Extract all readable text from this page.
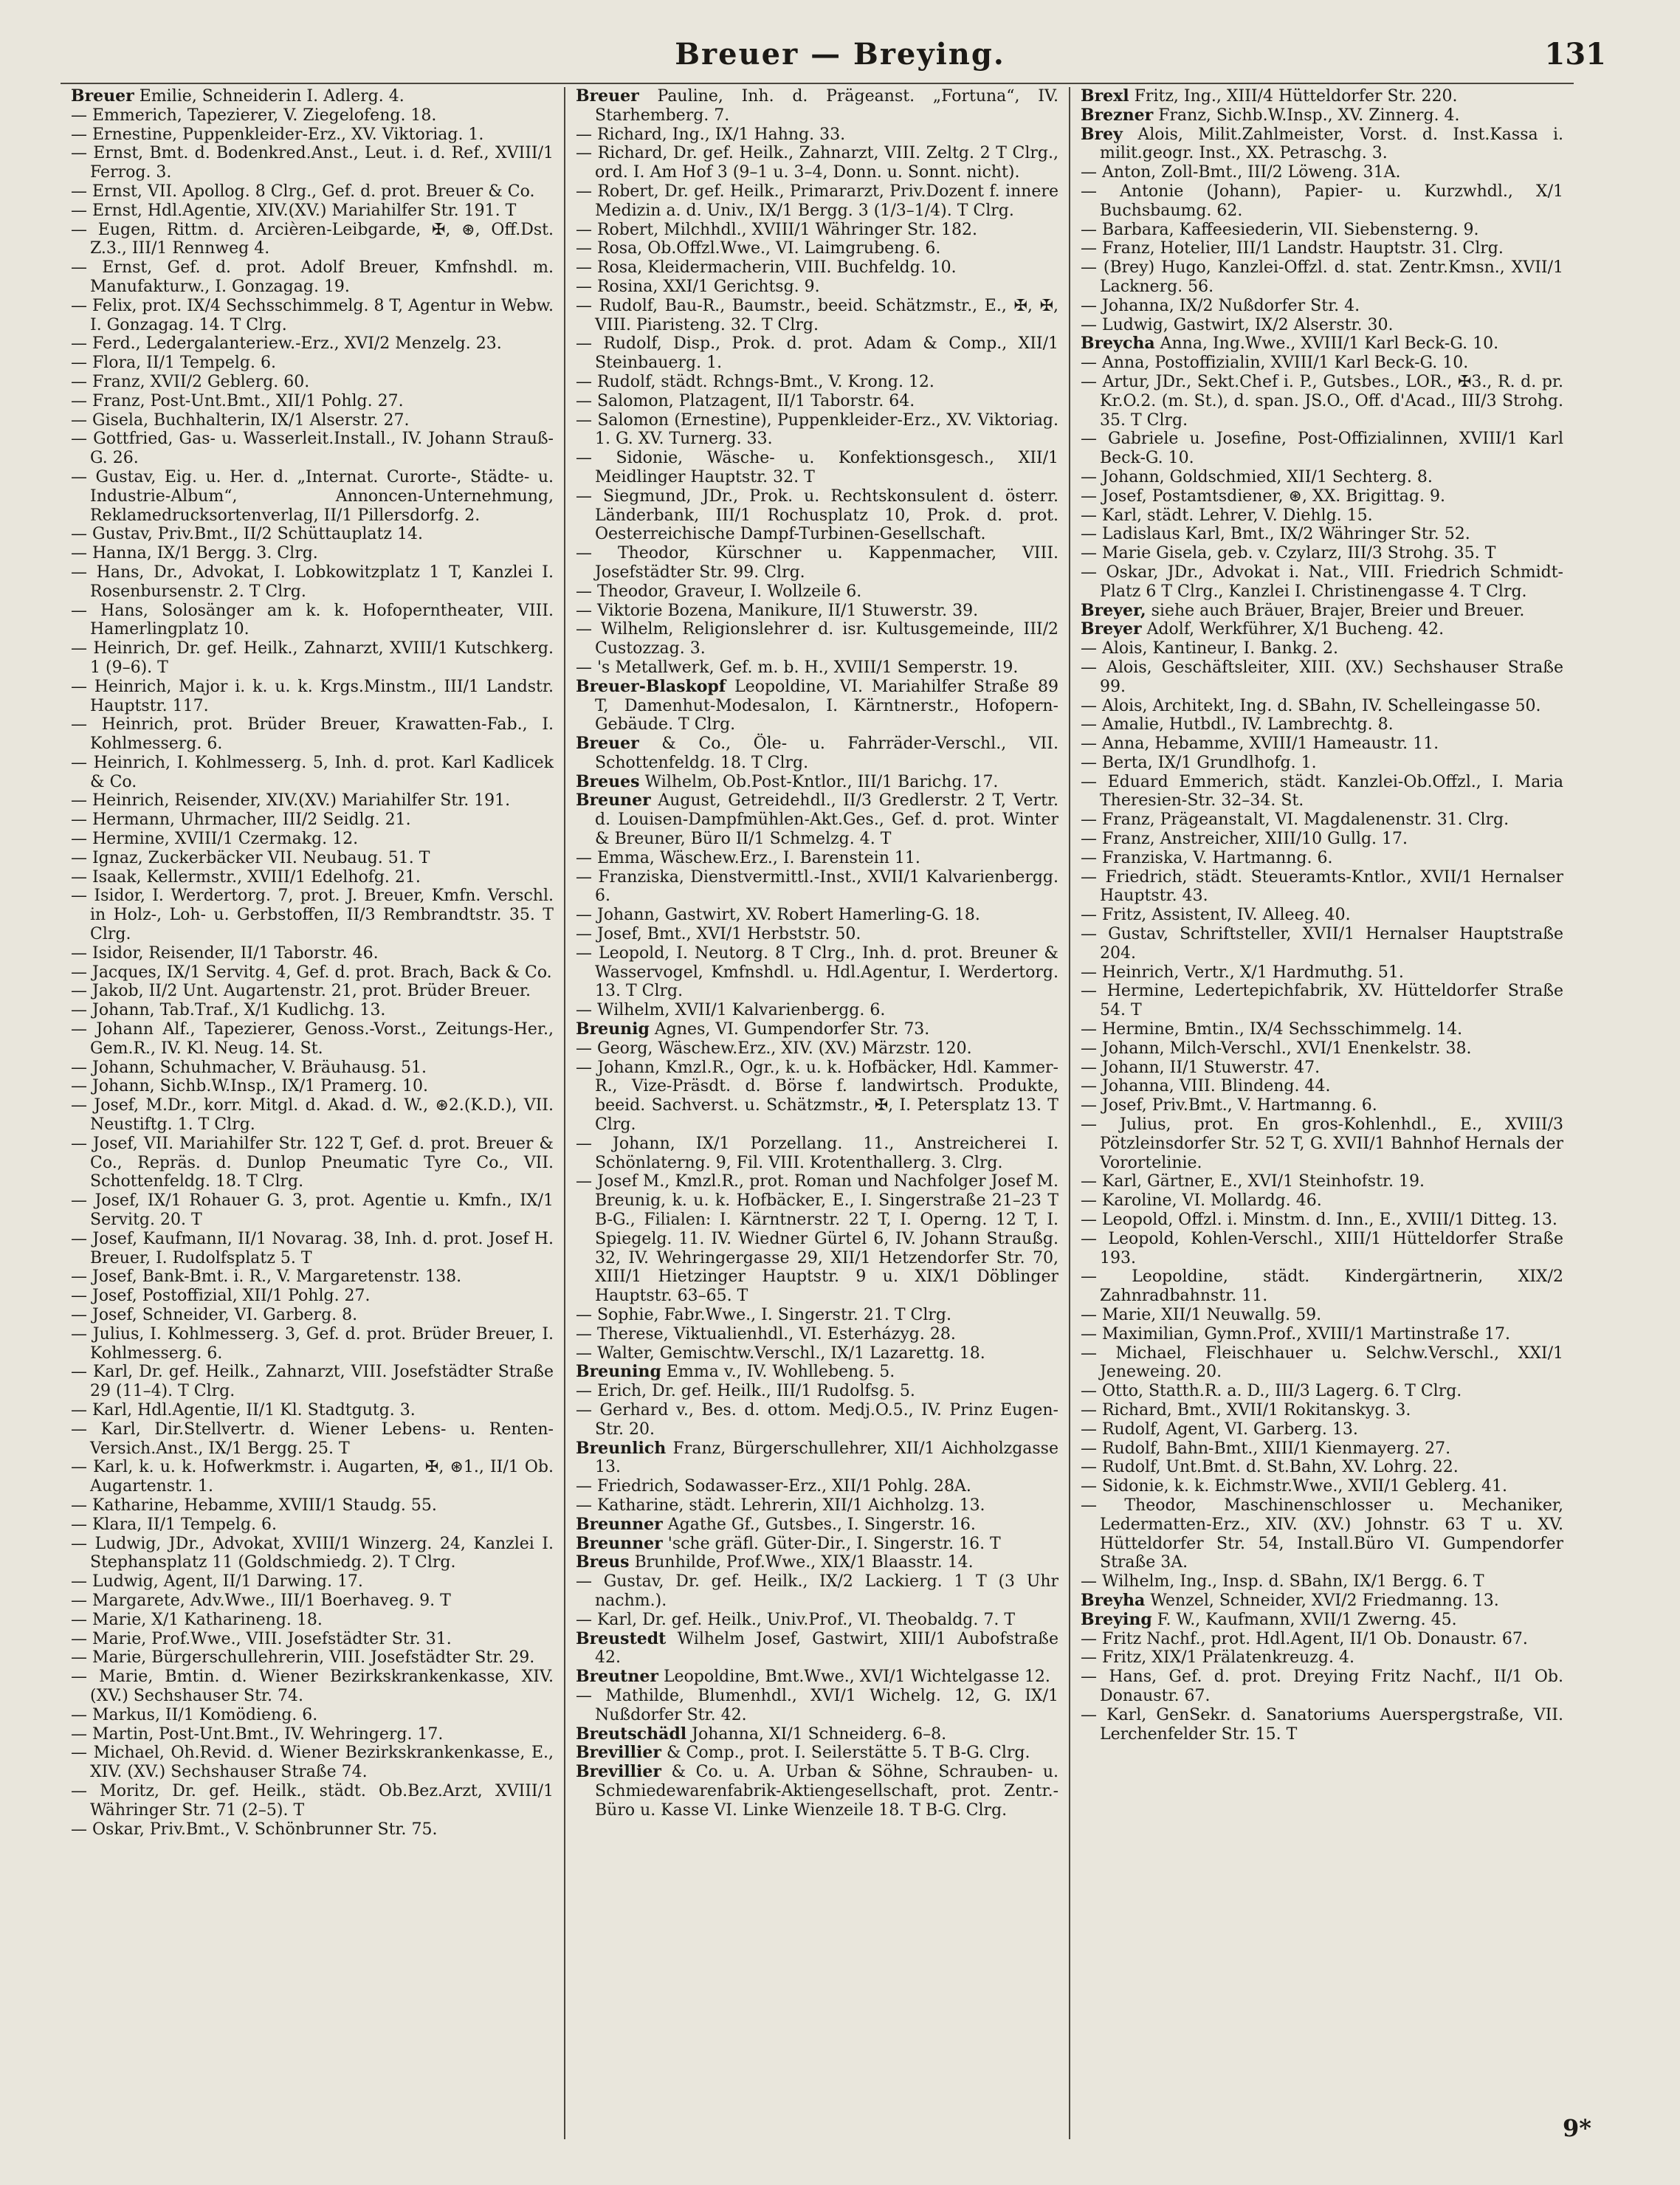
Breuer — Breying.	131

Breuer Emilie, Schneiderin I. Adlerg. 4.

— Emmerich, Tapezierer, V. Ziegelofeng. 18.

— Ernestine, Puppenkleider-Erz., XV. Viktoriag. 1.

— Ernst, Bmt. d. Bodenkred.Anst., Leut. i. d. Ref., XVIII/1 Ferrog. 3.

— Ernst, VII. Apollog. 8 Clrg., Gef. d. prot. Breuer & Co.

— Ernst, Hdl.Agentie, XIV.(XV.) Mariahilfer Str. 191. T

— Eugen, Rittm. d. Arcièren-Leibgarde, ✠, ⊛, Off.Dst. Z.3., III/1 Rennweg 4.

— Ernst, Gef. d. prot. Adolf Breuer, Kmfnshdl. m. Manufakturw., I. Gonzagag. 19.

— Felix, prot. IX/4 Sechsschimmelg. 8 T, Agentur in Webw. I. Gonzagag. 14. T Clrg.

— Ferd., Ledergalanteriew.-Erz., XVI/2 Menzelg. 23.

— Flora, II/1 Tempelg. 6.

— Franz, XVII/2 Geblerg. 60.

— Franz, Post-Unt.Bmt., XII/1 Pohlg. 27.

— Gisela, Buchhalterin, IX/1 Alserstr. 27.

— Gottfried, Gas- u. Wasserleit.Install., IV. Johann Strauß-G. 26.

— Gustav, Eig. u. Her. d. „Internat. Curorte-, Städte- u. Industrie-Album“, Annoncen-Unternehmung, Reklamedrucksortenverlag, II/1 Pillersdorfg. 2.

— Gustav, Priv.Bmt., II/2 Schüttauplatz 14.

— Hanna, IX/1 Bergg. 3. Clrg.

— Hans, Dr., Advokat, I. Lobkowitzplatz 1 T, Kanzlei I. Rosenbursenstr. 2. T Clrg.

— Hans, Solosänger am k. k. Hofoperntheater, VIII. Hamerlingplatz 10.

— Heinrich, Dr. gef. Heilk., Zahnarzt, XVIII/1 Kutschkerg. 1 (9–6). T

— Heinrich, Major i. k. u. k. Krgs.Minstm., III/1 Landstr. Hauptstr. 117.

— Heinrich, prot. Brüder Breuer, Krawatten-Fab., I. Kohlmesserg. 6.

— Heinrich, I. Kohlmesserg. 5, Inh. d. prot. Karl Kadlicek & Co.

— Heinrich, Reisender, XIV.(XV.) Mariahilfer Str. 191.

— Hermann, Uhrmacher, III/2 Seidlg. 21.

— Hermine, XVIII/1 Czermakg. 12.

— Ignaz, Zuckerbäcker VII. Neubaug. 51. T

— Isaak, Kellermstr., XVIII/1 Edelhofg. 21.

— Isidor, I. Werdertorg. 7, prot. J. Breuer, Kmfn. Verschl. in Holz-, Loh- u. Gerbstoffen, II/3 Rembrandtstr. 35. T Clrg.

— Isidor, Reisender, II/1 Taborstr. 46.

— Jacques, IX/1 Servitg. 4, Gef. d. prot. Brach, Back & Co.

— Jakob, II/2 Unt. Augartenstr. 21, prot. Brüder Breuer.

— Johann, Tab.Traf., X/1 Kudlichg. 13.

— Johann Alf., Tapezierer, Genoss.-Vorst., Zeitungs-Her., Gem.R., IV. Kl. Neug. 14. St.

— Johann, Schuhmacher, V. Bräuhausg. 51.

— Johann, Sichb.W.Insp., IX/1 Pramerg. 10.

— Josef, M.Dr., korr. Mitgl. d. Akad. d. W., ⊛2.(K.D.), VII. Neustiftg. 1. T Clrg.

— Josef, VII. Mariahilfer Str. 122 T, Gef. d. prot. Breuer & Co., Repräs. d. Dunlop Pneumatic Tyre Co., VII. Schottenfeldg. 18. T Clrg.

— Josef, IX/1 Rohauer G. 3, prot. Agentie u. Kmfn., IX/1 Servitg. 20. T

— Josef, Kaufmann, II/1 Novarag. 38, Inh. d. prot. Josef H. Breuer, I. Rudolfsplatz 5. T

— Josef, Bank-Bmt. i. R., V. Margaretenstr. 138.

— Josef, Postoffizial, XII/1 Pohlg. 27.

— Josef, Schneider, VI. Garberg. 8.

— Julius, I. Kohlmesserg. 3, Gef. d. prot. Brüder Breuer, I. Kohlmesserg. 6.

— Karl, Dr. gef. Heilk., Zahnarzt, VIII. Josefstädter Straße 29 (11–4). T Clrg.

— Karl, Hdl.Agentie, II/1 Kl. Stadtgutg. 3.

— Karl, Dir.Stellvertr. d. Wiener Lebens- u. Renten-Versich.Anst., IX/1 Bergg. 25. T

— Karl, k. u. k. Hofwerkmstr. i. Augarten, ✠, ⊛1., II/1 Ob. Augartenstr. 1.

— Katharine, Hebamme, XVIII/1 Staudg. 55.

— Klara, II/1 Tempelg. 6.

— Ludwig, JDr., Advokat, XVIII/1 Winzerg. 24, Kanzlei I. Stephansplatz 11 (Goldschmiedg. 2). T Clrg.

— Ludwig, Agent, II/1 Darwing. 17.

— Margarete, Adv.Wwe., III/1 Boerhaveg. 9. T

— Marie, X/1 Katharineng. 18.

— Marie, Prof.Wwe., VIII. Josefstädter Str. 31.

— Marie, Bürgerschullehrerin, VIII. Josefstädter Str. 29.

— Marie, Bmtin. d. Wiener Bezirkskrankenkasse, XIV. (XV.) Sechshauser Str. 74.

— Markus, II/1 Komödieng. 6.

— Martin, Post-Unt.Bmt., IV. Wehringerg. 17.

— Michael, Oh.Revid. d. Wiener Bezirkskrankenkasse, E., XIV. (XV.) Sechshauser Straße 74.

— Moritz, Dr. gef. Heilk., städt. Ob.Bez.Arzt, XVIII/1 Währinger Str. 71 (2–5). T

— Oskar, Priv.Bmt., V. Schönbrunner Str. 75.

Breuer Pauline, Inh. d. Prägeanst. „Fortuna“, IV. Starhemberg. 7.

— Richard, Ing., IX/1 Hahng. 33.

— Richard, Dr. gef. Heilk., Zahnarzt, VIII. Zeltg. 2 T Clrg., ord. I. Am Hof 3 (9–1 u. 3–4, Donn. u. Sonnt. nicht).

— Robert, Dr. gef. Heilk., Primararzt, Priv.Dozent f. innere Medizin a. d. Univ., IX/1 Bergg. 3 (1/3–1/4). T Clrg.

— Robert, Milchhdl., XVIII/1 Währinger Str. 182.

— Rosa, Ob.Offzl.Wwe., VI. Laimgrubeng. 6.

— Rosa, Kleidermacherin, VIII. Buchfeldg. 10.

— Rosina, XXI/1 Gerichtsg. 9.

— Rudolf, Bau-R., Baumstr., beeid. Schätzmstr., E., ✠, ✠, VIII. Piaristeng. 32. T Clrg.

— Rudolf, Disp., Prok. d. prot. Adam & Comp., XII/1 Steinbauerg. 1.

— Rudolf, städt. Rchngs-Bmt., V. Krong. 12.

— Salomon, Platzagent, II/1 Taborstr. 64.

— Salomon (Ernestine), Puppenkleider-Erz., XV. Viktoriag. 1. G. XV. Turnerg. 33.

— Sidonie, Wäsche- u. Konfektionsgesch., XII/1 Meidlinger Hauptstr. 32. T

— Siegmund, JDr., Prok. u. Rechtskonsulent d. österr. Länderbank, III/1 Rochusplatz 10, Prok. d. prot. Oesterreichische Dampf-Turbinen-Gesellschaft.

— Theodor, Kürschner u. Kappenmacher, VIII. Josefstädter Str. 99. Clrg.

— Theodor, Graveur, I. Wollzeile 6.

— Viktorie Bozena, Manikure, II/1 Stuwerstr. 39.

— Wilhelm, Religionslehrer d. isr. Kultusgemeinde, III/2 Custozzag. 3.

— 's Metallwerk, Gef. m. b. H., XVIII/1 Semperstr. 19.

Breuer-Blaskopf Leopoldine, VI. Mariahilfer Straße 89 T, Damenhut-Modesalon, I. Kärntnerstr., Hofopern-Gebäude. T Clrg.

Breuer & Co., Öle- u. Fahrräder-Verschl., VII. Schottenfeldg. 18. T Clrg.

Breues Wilhelm, Ob.Post-Kntlor., III/1 Barichg. 17.

Breuner August, Getreidehdl., II/3 Gredlerstr. 2 T, Vertr. d. Louisen-Dampfmühlen-Akt.Ges., Gef. d. prot. Winter & Breuner, Büro II/1 Schmelzg. 4. T

— Emma, Wäschew.Erz., I. Barenstein 11.

— Franziska, Dienstvermittl.-Inst., XVII/1 Kalvarienbergg. 6.

— Johann, Gastwirt, XV. Robert Hamerling-G. 18.

— Josef, Bmt., XVI/1 Herbststr. 50.

— Leopold, I. Neutorg. 8 T Clrg., Inh. d. prot. Breuner & Wasservogel, Kmfnshdl. u. Hdl.Agentur, I. Werdertorg. 13. T Clrg.

— Wilhelm, XVII/1 Kalvarienbergg. 6.

Breunig Agnes, VI. Gumpendorfer Str. 73.

— Georg, Wäschew.Erz., XIV. (XV.) Märzstr. 120.

— Johann, Kmzl.R., Ogr., k. u. k. Hofbäcker, Hdl. Kammer-R., Vize-Präsdt. d. Börse f. landwirtsch. Produkte, beeid. Sachverst. u. Schätzmstr., ✠, I. Petersplatz 13. T Clrg.

— Johann, IX/1 Porzellang. 11., Anstreicherei I. Schönlaterng. 9, Fil. VIII. Krotenthallerg. 3. Clrg.

— Josef M., Kmzl.R., prot. Roman und Nachfolger Josef M. Breunig, k. u. k. Hofbäcker, E., I. Singerstraße 21–23 T B-G., Filialen: I. Kärntnerstr. 22 T, I. Operng. 12 T, I. Spiegelg. 11. IV. Wiedner Gürtel 6, IV. Johann Straußg. 32, IV. Wehringergasse 29, XII/1 Hetzendorfer Str. 70, XIII/1 Hietzinger Hauptstr. 9 u. XIX/1 Döblinger Hauptstr. 63–65. T

— Sophie, Fabr.Wwe., I. Singerstr. 21. T Clrg.

— Therese, Viktualienhdl., VI. Esterházyg. 28.

— Walter, Gemischtw.Verschl., IX/1 Lazarettg. 18.

Breuning Emma v., IV. Wohllebeng. 5.

— Erich, Dr. gef. Heilk., III/1 Rudolfsg. 5.

— Gerhard v., Bes. d. ottom. Medj.O.5., IV. Prinz Eugen-Str. 20.

Breunlich Franz, Bürgerschullehrer, XII/1 Aichholzgasse 13.

— Friedrich, Sodawasser-Erz., XII/1 Pohlg. 28A.

— Katharine, städt. Lehrerin, XII/1 Aichholzg. 13.

Breunner Agathe Gf., Gutsbes., I. Singerstr. 16.

Breunner 'sche gräfl. Güter-Dir., I. Singerstr. 16. T

Breus Brunhilde, Prof.Wwe., XIX/1 Blaasstr. 14.

— Gustav, Dr. gef. Heilk., IX/2 Lackierg. 1 T (3 Uhr nachm.).

— Karl, Dr. gef. Heilk., Univ.Prof., VI. Theobaldg. 7. T

Breustedt Wilhelm Josef, Gastwirt, XIII/1 Aubofstraße 42.

Breutner Leopoldine, Bmt.Wwe., XVI/1 Wichtelgasse 12.

— Mathilde, Blumenhdl., XVI/1 Wichelg. 12, G. IX/1 Nußdorfer Str. 42.

Breutschädl Johanna, XI/1 Schneiderg. 6–8.

Brevillier & Comp., prot. I. Seilerstätte 5. T B-G. Clrg.

Brevillier & Co. u. A. Urban & Söhne, Schrauben- u. Schmiedewarenfabrik-Aktiengesellschaft, prot. Zentr.-Büro u. Kasse VI. Linke Wienzeile 18. T B-G. Clrg.

Brexl Fritz, Ing., XIII/4 Hütteldorfer Str. 220.

Brezner Franz, Sichb.W.Insp., XV. Zinnerg. 4.

Brey Alois, Milit.Zahlmeister, Vorst. d. Inst.Kassa i. milit.geogr. Inst., XX. Petraschg. 3.

— Anton, Zoll-Bmt., III/2 Löweng. 31A.

— Antonie (Johann), Papier- u. Kurzwhdl., X/1 Buchsbaumg. 62.

— Barbara, Kaffeesiederin, VII. Siebensterng. 9.

— Franz, Hotelier, III/1 Landstr. Hauptstr. 31. Clrg.

— (Brey) Hugo, Kanzlei-Offzl. d. stat. Zentr.Kmsn., XVII/1 Lacknerg. 56.

— Johanna, IX/2 Nußdorfer Str. 4.

— Ludwig, Gastwirt, IX/2 Alserstr. 30.

Breycha Anna, Ing.Wwe., XVIII/1 Karl Beck-G. 10.

— Anna, Postoffizialin, XVIII/1 Karl Beck-G. 10.

— Artur, JDr., Sekt.Chef i. P., Gutsbes., LOR., ✠3., R. d. pr. Kr.O.2. (m. St.), d. span. JS.O., Off. d'Acad., III/3 Strohg. 35. T Clrg.

— Gabriele u. Josefine, Post-Offizialinnen, XVIII/1 Karl Beck-G. 10.

— Johann, Goldschmied, XII/1 Sechterg. 8.

— Josef, Postamtsdiener, ⊛, XX. Brigittag. 9.

— Karl, städt. Lehrer, V. Diehlg. 15.

— Ladislaus Karl, Bmt., IX/2 Währinger Str. 52.

— Marie Gisela, geb. v. Czylarz, III/3 Strohg. 35. T

— Oskar, JDr., Advokat i. Nat., VIII. Friedrich Schmidt-Platz 6 T Clrg., Kanzlei I. Christinengasse 4. T Clrg.

Breyer, siehe auch Bräuer, Brajer, Breier und Breuer.

Breyer Adolf, Werkführer, X/1 Bucheng. 42.

— Alois, Kantineur, I. Bankg. 2.

— Alois, Geschäftsleiter, XIII. (XV.) Sechshauser Straße 99.

— Alois, Architekt, Ing. d. SBahn, IV. Schelleingasse 50.

— Amalie, Hutbdl., IV. Lambrechtg. 8.

— Anna, Hebamme, XVIII/1 Hameaustr. 11.

— Berta, IX/1 Grundlhofg. 1.

— Eduard Emmerich, städt. Kanzlei-Ob.Offzl., I. Maria Theresien-Str. 32–34. St.

— Franz, Prägeanstalt, VI. Magdalenenstr. 31. Clrg.

— Franz, Anstreicher, XIII/10 Gullg. 17.

— Franziska, V. Hartmanng. 6.

— Friedrich, städt. Steueramts-Kntlor., XVII/1 Hernalser Hauptstr. 43.

— Fritz, Assistent, IV. Alleeg. 40.

— Gustav, Schriftsteller, XVII/1 Hernalser Hauptstraße 204.

— Heinrich, Vertr., X/1 Hardmuthg. 51.

— Hermine, Ledertepichfabrik, XV. Hütteldorfer Straße 54. T

— Hermine, Bmtin., IX/4 Sechsschimmelg. 14.

— Johann, Milch-Verschl., XVI/1 Enenkelstr. 38.

— Johann, II/1 Stuwerstr. 47.

— Johanna, VIII. Blindeng. 44.

— Josef, Priv.Bmt., V. Hartmanng. 6.

— Julius, prot. En gros-Kohlenhdl., E., XVIII/3 Pötzleinsdorfer Str. 52 T, G. XVII/1 Bahnhof Hernals der Vorortelinie.

— Karl, Gärtner, E., XVI/1 Steinhofstr. 19.

— Karoline, VI. Mollardg. 46.

— Leopold, Offzl. i. Minstm. d. Inn., E., XVIII/1 Ditteg. 13.

— Leopold, Kohlen-Verschl., XIII/1 Hütteldorfer Straße 193.

— Leopoldine, städt. Kindergärtnerin, XIX/2 Zahnradbahnstr. 11.

— Marie, XII/1 Neuwallg. 59.

— Maximilian, Gymn.Prof., XVIII/1 Martinstraße 17.

— Michael, Fleischhauer u. Selchw.Verschl., XXI/1 Jeneweing. 20.

— Otto, Statth.R. a. D., III/3 Lagerg. 6. T Clrg.

— Richard, Bmt., XVII/1 Rokitanskyg. 3.

— Rudolf, Agent, VI. Garberg. 13.

— Rudolf, Bahn-Bmt., XIII/1 Kienmayerg. 27.

— Rudolf, Unt.Bmt. d. St.Bahn, XV. Lohrg. 22.

— Sidonie, k. k. Eichmstr.Wwe., XVII/1 Geblerg. 41.

— Theodor, Maschinenschlosser u. Mechaniker, Ledermatten-Erz., XIV. (XV.) Johnstr. 63 T u. XV. Hütteldorfer Str. 54, Install.Büro VI. Gumpendorfer Straße 3A.

— Wilhelm, Ing., Insp. d. SBahn, IX/1 Bergg. 6. T

Breyha Wenzel, Schneider, XVI/2 Friedmanng. 13.

Breying F. W., Kaufmann, XVII/1 Zwerng. 45.

— Fritz Nachf., prot. Hdl.Agent, II/1 Ob. Donaustr. 67.

— Fritz, XIX/1 Prälatenkreuzg. 4.

— Hans, Gef. d. prot. Dreying Fritz Nachf., II/1 Ob. Donaustr. 67.

— Karl, GenSekr. d. Sanatoriums Auerspergstraße, VII. Lerchenfelder Str. 15. T

9*
